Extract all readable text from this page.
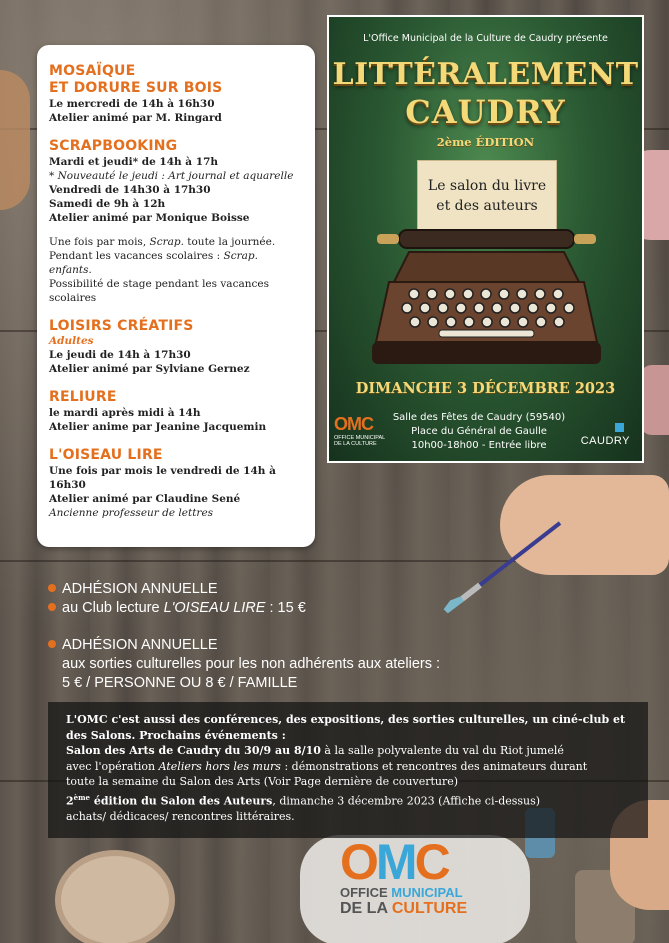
MOSAÏQUE
ET DORURE SUR BOIS
Le mercredi de 14h à 16h30
Atelier animé par M. Ringard
SCRAPBOOKING
Mardi et jeudi* de 14h à 17h
* Nouveauté le jeudi : Art journal et aquarelle
Vendredi de 14h30 à 17h30
Samedi de 9h à 12h
Atelier animé par Monique Boisse
Une fois par mois, Scrap. toute la journée.
Pendant les vacances scolaires : Scrap. enfants.
Possibilité de stage pendant les vacances
scolaires
LOISIRS CRÉATIFS
Adultes
Le jeudi de 14h à 17h30
Atelier animé par Sylviane Gernez
RELIURE
le mardi après midi à 14h
Atelier anime par Jeanine Jacquemin
L'OISEAU LIRE
Une fois par mois le vendredi de 14h à 16h30
Atelier animé par Claudine Sené
Ancienne professeur de lettres
L'Office Municipal de la Culture de Caudry présente
LITTÉRALEMENT
CAUDRY
2ème ÉDITION
Le salon du livre
et des auteurs
DIMANCHE 3 DÉCEMBRE 2023
OMC
OFFICE MUNICIPAL
DE LA CULTURE
Salle des Fêtes de Caudry (59540)
Place du Général de Gaulle
10h00-18h00 - Entrée libre	CAUDRY
ADHÉSION ANNUELLE
au Club lecture L'OISEAU LIRE : 15 €
ADHÉSION ANNUELLE
aux sorties culturelles pour les non adhérents aux ateliers :
5 € / PERSONNE OU 8 € / FAMILLE
L'OMC c'est aussi des conférences, des expositions, des sorties culturelles, un ciné-club et
des Salons. Prochains événements :
Salon des Arts de Caudry du 30/9 au 8/10 à la salle polyvalente du val du Riot jumelé
avec l'opération Ateliers hors les murs : démonstrations et rencontres des animateurs durant
toute la semaine du Salon des Arts (Voir Page dernière de couverture)
2ème édition du Salon des Auteurs, dimanche 3 décembre 2023 (Affiche ci-dessus)
achats/ dédicaces/ rencontres littéraires.
OMC
OFFICE MUNICIPAL
DE LA CULTURE
